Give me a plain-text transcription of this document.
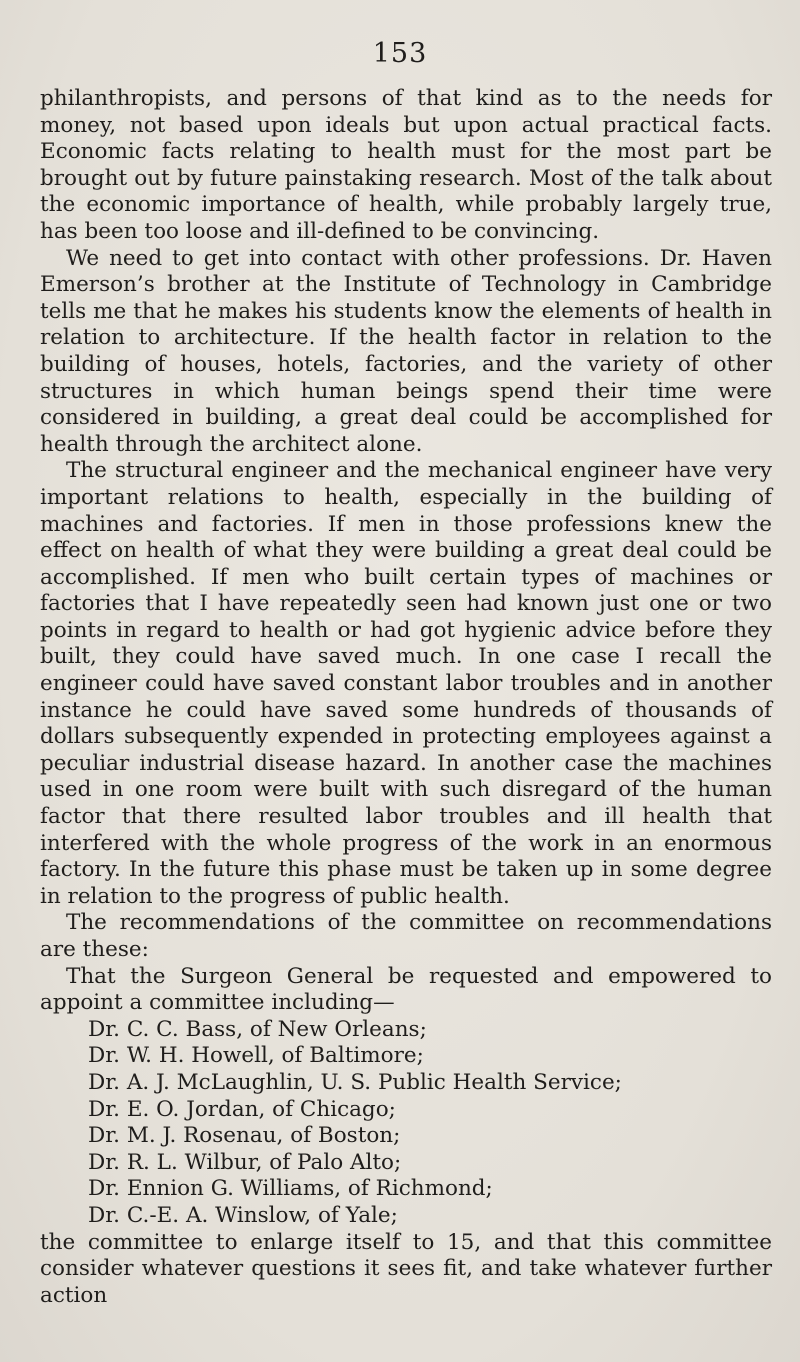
153

philanthropists, and persons of that kind as to the needs for money, not based upon ideals but upon actual practical facts. Economic facts relating to health must for the most part be brought out by future painstaking research. Most of the talk about the economic importance of health, while probably largely true, has been too loose and ill-defined to be convincing.

We need to get into contact with other professions. Dr. Haven Emerson’s brother at the Institute of Technology in Cambridge tells me that he makes his students know the elements of health in relation to architecture. If the health factor in relation to the building of houses, hotels, factories, and the variety of other structures in which human beings spend their time were considered in building, a great deal could be accomplished for health through the architect alone.

The structural engineer and the mechanical engineer have very important relations to health, especially in the building of machines and factories. If men in those professions knew the effect on health of what they were building a great deal could be accomplished. If men who built certain types of machines or factories that I have repeatedly seen had known just one or two points in regard to health or had got hygienic advice before they built, they could have saved much. In one case I recall the engineer could have saved constant labor troubles and in another instance he could have saved some hundreds of thousands of dollars subsequently expended in protecting employees against a peculiar industrial disease hazard. In another case the machines used in one room were built with such disregard of the human factor that there resulted labor troubles and ill health that interfered with the whole progress of the work in an enormous factory. In the future this phase must be taken up in some degree in relation to the progress of public health.

The recommendations of the committee on recommendations are these:

That the Surgeon General be requested and empowered to appoint a committee including—

Dr. C. C. Bass, of New Orleans;
Dr. W. H. Howell, of Baltimore;
Dr. A. J. McLaughlin, U. S. Public Health Service;
Dr. E. O. Jordan, of Chicago;
Dr. M. J. Rosenau, of Boston;
Dr. R. L. Wilbur, of Palo Alto;
Dr. Ennion G. Williams, of Richmond;
Dr. C.-E. A. Winslow, of Yale;

the committee to enlarge itself to 15, and that this committee consider whatever questions it sees fit, and take whatever further action
